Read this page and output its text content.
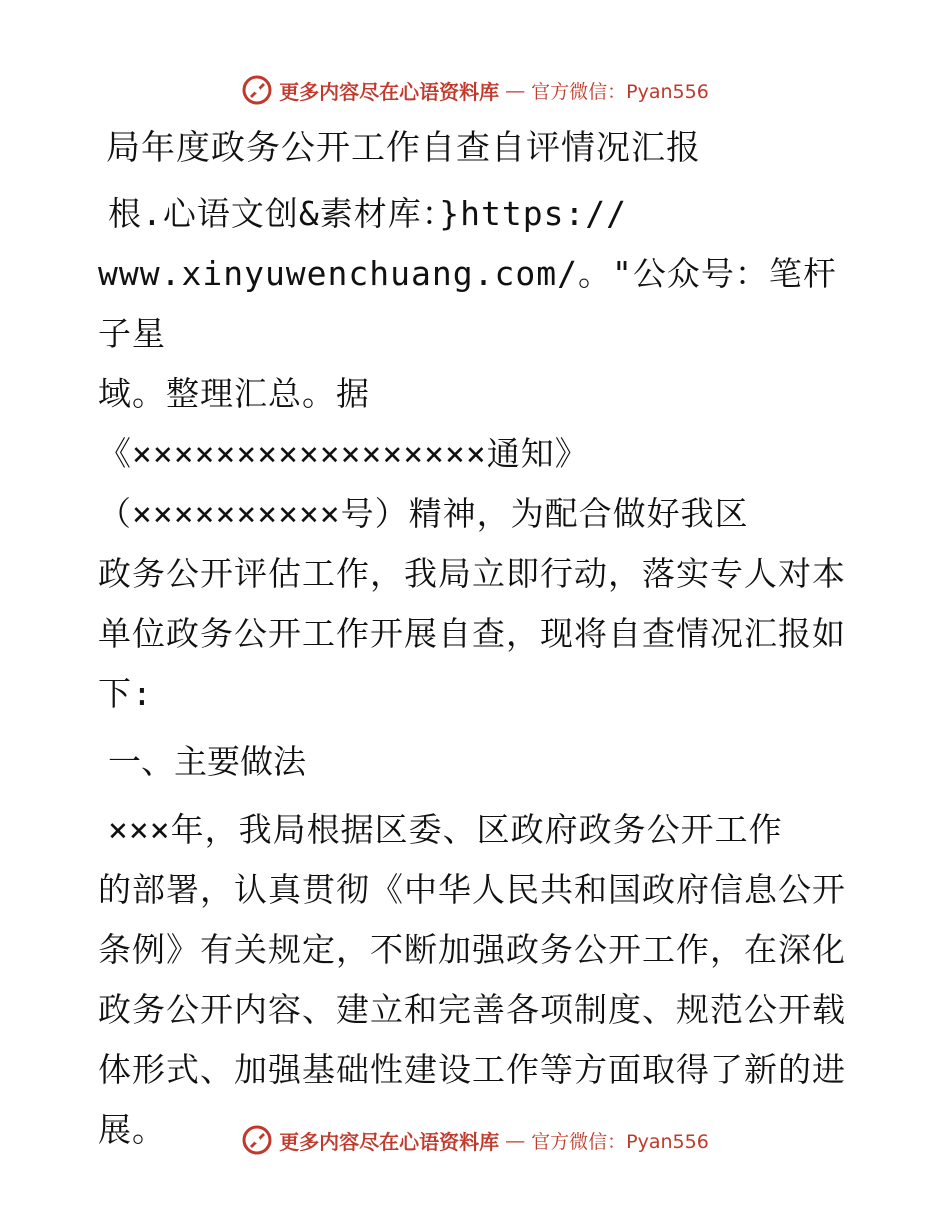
更多内容尽在心语资料库 — 官方微信：Pyan556
局年度政务公开工作自查自评情况汇报

根.心语文创&素材库：}https://

www.xinyuwenchuang.com/。"公众号：笔杆子星

域。整理汇总。据

《×××××××××××××××××通知》

（××××××××××号）精神，为配合做好我区

政务公开评估工作，我局立即行动，落实专人对本

单位政务公开工作开展自查，现将自查情况汇报如

下:

一、主要做法

×××年，我局根据区委、区政府政务公开工作

的部署，认真贯彻《中华人民共和国政府信息公开

条例》有关规定，不断加强政务公开工作，在深化

政务公开内容、建立和完善各项制度、规范公开载

体形式、加强基础性建设工作等方面取得了新的进

展。	更多内容尽在心语资料库 — 官方微信：Pyan556
